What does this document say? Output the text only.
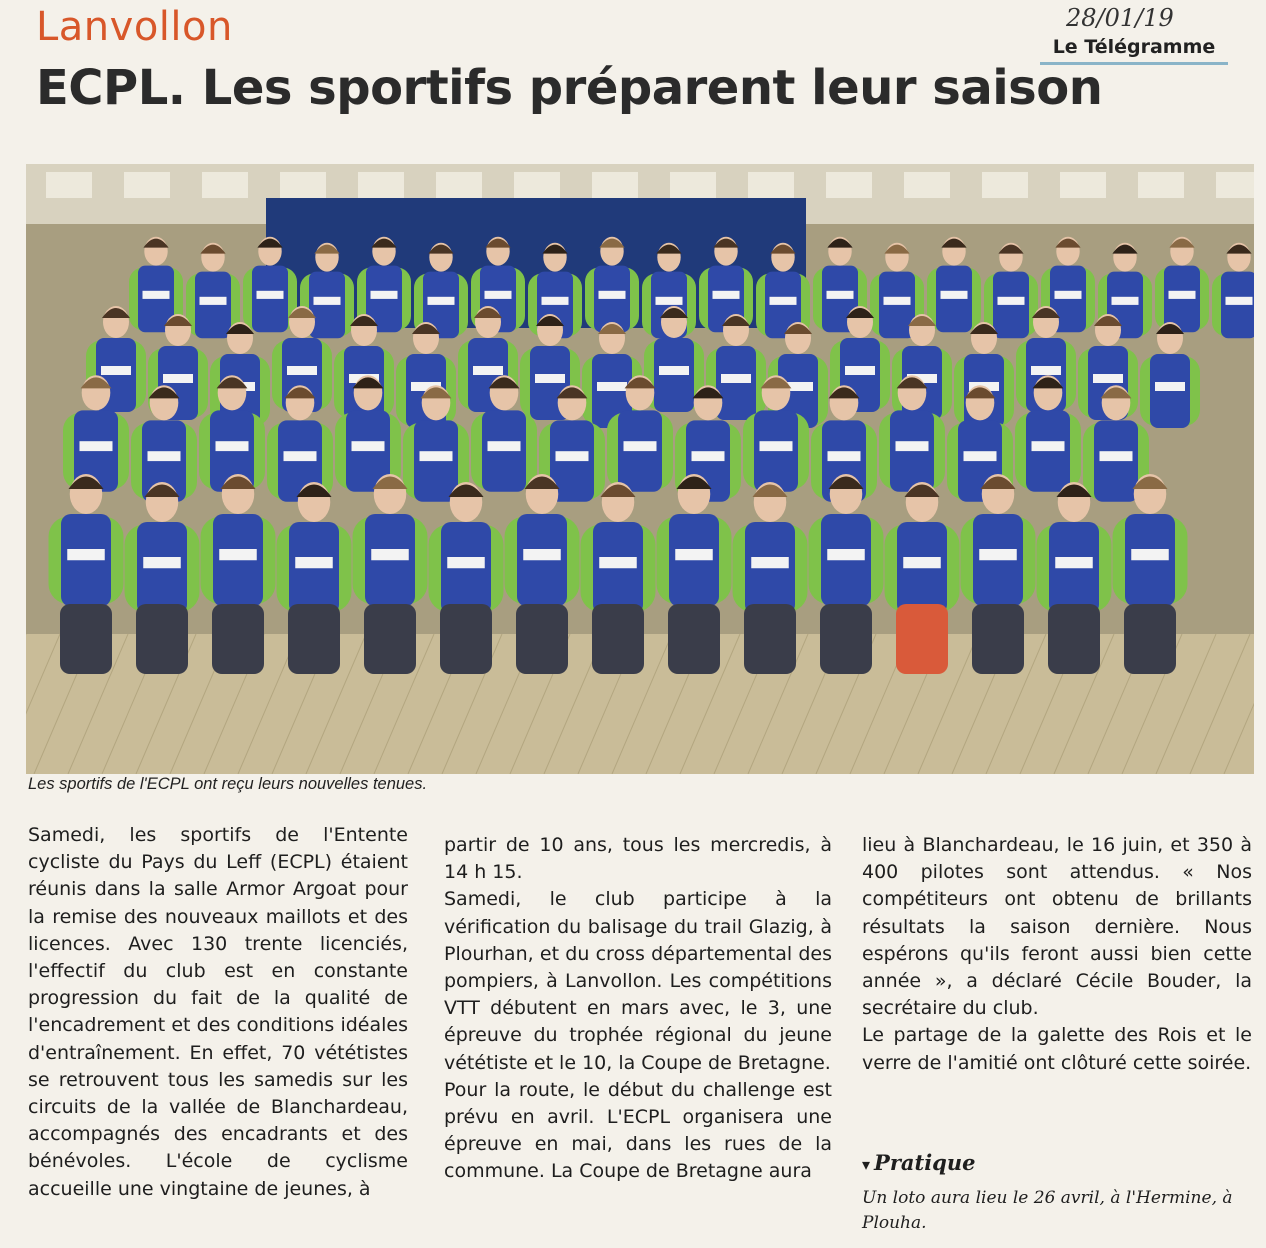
Lanvollon	28/01/19
Le Télégramme
ECPL. Les sportifs préparent leur saison
Les sportifs de l'ECPL ont reçu leurs nouvelles tenues.

Samedi, les sportifs de l'Entente cycliste du Pays du Leff (ECPL) étaient réunis dans la salle Armor Argoat pour la remise des nouveaux maillots et des licences. Avec 130 trente licenciés, l'effectif du club est en constante progression du fait de la qualité de l'encadrement et des conditions idéales d'entraînement. En effet, 70 vététistes se retrouvent tous les samedis sur les circuits de la vallée de Blanchardeau, accompagnés des encadrants et des bénévoles. L'école de cyclisme accueille une vingtaine de jeunes, à

partir de 10 ans, tous les mercredis, à 14 h 15.

Samedi, le club participe à la vérification du balisage du trail Glazig, à Plourhan, et du cross départemental des pompiers, à Lanvollon. Les compétitions VTT débutent en mars avec, le 3, une épreuve du trophée régional du jeune vététiste et le 10, la Coupe de Bretagne.

Pour la route, le début du challenge est prévu en avril. L'ECPL organisera une épreuve en mai, dans les rues de la commune. La Coupe de Bretagne aura

lieu à Blanchardeau, le 16 juin, et 350 à 400 pilotes sont attendus. « Nos compétiteurs ont obtenu de brillants résultats la saison dernière. Nous espérons qu'ils feront aussi bien cette année », a déclaré Cécile Bouder, la secrétaire du club.

Le partage de la galette des Rois et le verre de l'amitié ont clôturé cette soirée.

▾ Pratique
Un loto aura lieu le 26 avril, à l'Hermine, à Plouha.
